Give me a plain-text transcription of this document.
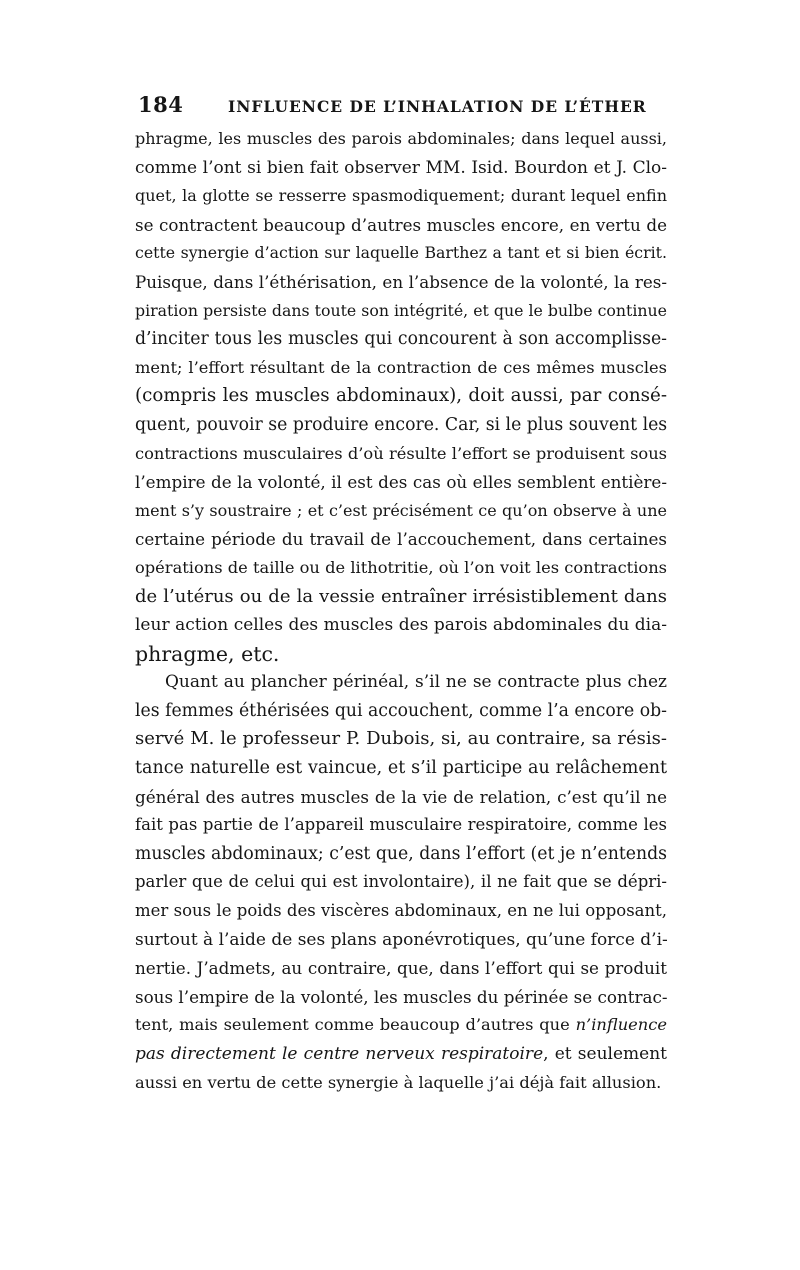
184	INFLUENCE DE L’INHALATION DE L’ÉTHER
phragme, les muscles des parois abdominales; dans lequel aussi,
comme l’ont si bien fait observer MM. Isid. Bourdon et J. Clo-
quet, la glotte se resserre spasmodiquement; durant lequel enfin
se contractent beaucoup d’autres muscles encore, en vertu de
cette synergie d’action sur laquelle Barthez a tant et si bien écrit.
Puisque, dans l’éthérisation, en l’absence de la volonté, la res-
piration persiste dans toute son intégrité, et que le bulbe continue
d’inciter tous les muscles qui concourent à son accomplisse-
ment; l’effort résultant de la contraction de ces mêmes muscles
(compris les muscles abdominaux), doit aussi, par consé-
quent, pouvoir se produire encore. Car, si le plus souvent les
contractions musculaires d’où résulte l’effort se produisent sous
l’empire de la volonté, il est des cas où elles semblent entière-
ment s’y soustraire ; et c’est précisément ce qu’on observe à une
certaine période du travail de l’accouchement, dans certaines
opérations de taille ou de lithotritie, où l’on voit les contractions
de l’utérus ou de la vessie entraîner irrésistiblement dans
leur action celles des muscles des parois abdominales du dia-
phragme, etc.
Quant au plancher périnéal, s’il ne se contracte plus chez
les femmes éthérisées qui accouchent, comme l’a encore ob-
servé M. le professeur P. Dubois, si, au contraire, sa résis-
tance naturelle est vaincue, et s’il participe au relâchement
général des autres muscles de la vie de relation, c’est qu’il ne
fait pas partie de l’appareil musculaire respiratoire, comme les
muscles abdominaux; c’est que, dans l’effort (et je n’entends
parler que de celui qui est involontaire), il ne fait que se dépri-
mer sous le poids des viscères abdominaux, en ne lui opposant,
surtout à l’aide de ses plans aponévrotiques, qu’une force d’i-
nertie. J’admets, au contraire, que, dans l’effort qui se produit
sous l’empire de la volonté, les muscles du périnée se contrac-
tent, mais seulement comme beaucoup d’autres que n’influence
pas directement le centre nerveux respiratoire, et seulement
aussi en vertu de cette synergie à laquelle j’ai déjà fait allusion.
